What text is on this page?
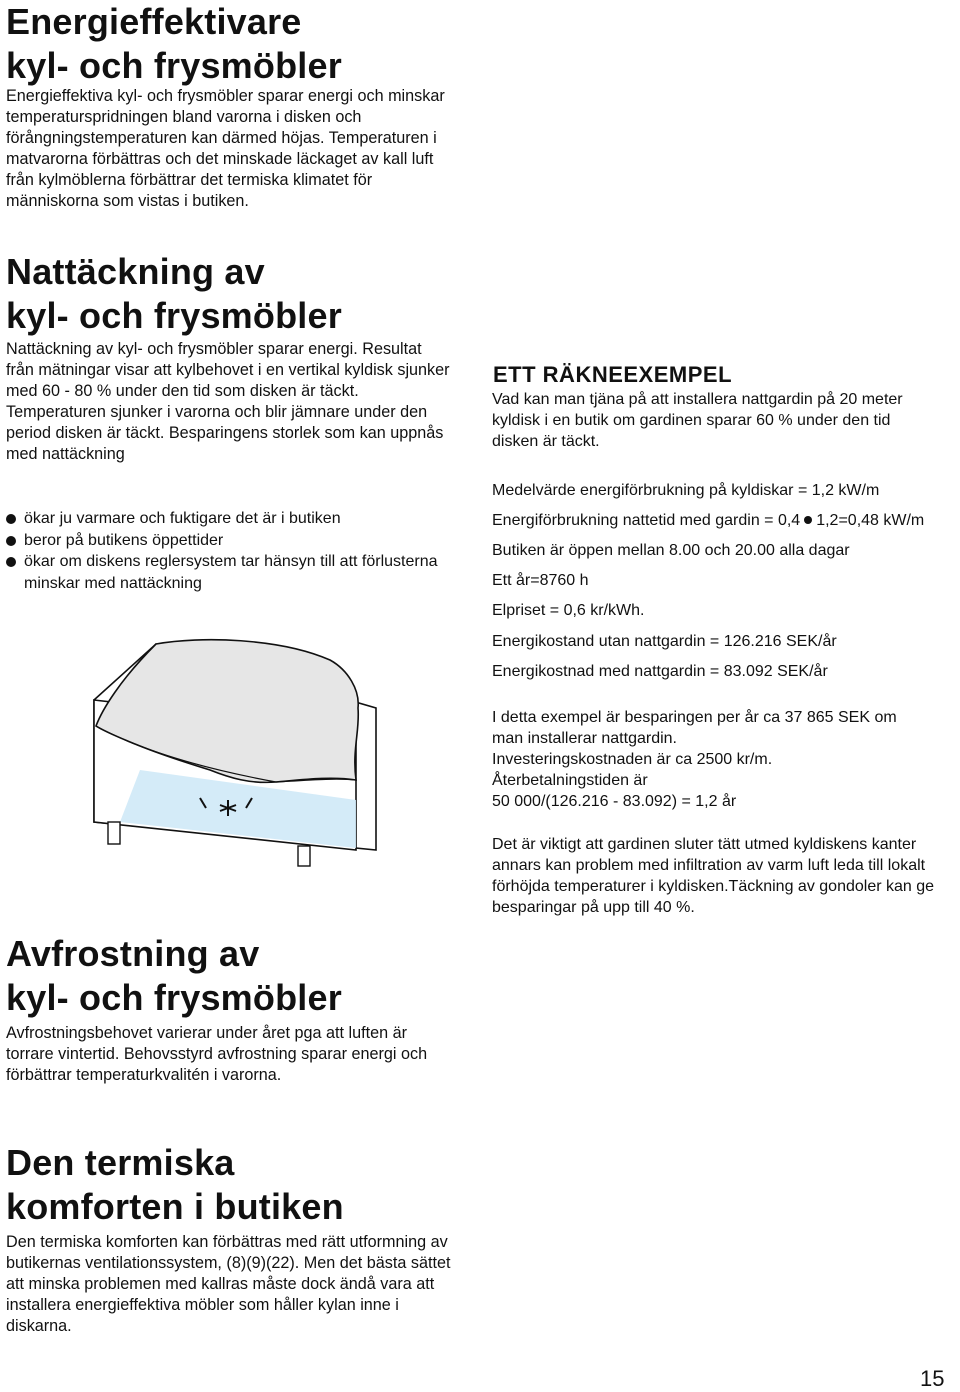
Energieffektivare
kyl- och frysmöbler

Energieffektiva kyl- och frysmöbler sparar energi och minskar temperaturspridningen bland varorna i disken och förångningstemperaturen kan därmed höjas. Temperaturen i matvarorna förbättras och det minskade läckaget av kall luft från kylmöblerna förbättrar det termiska klimatet för människorna som vistas i butiken.

Nattäckning av
kyl- och frysmöbler

Nattäckning av kyl- och frysmöbler sparar energi. Resultat från mätningar visar att kylbehovet i en vertikal kyldisk sjunker med 60 - 80 % under den tid som disken är täckt. Temperaturen sjunker i varorna och blir jämnare under den period disken är täckt. Besparingens storlek som kan uppnås med nattäckning

ökar ju varmare och fuktigare det är i butiken
beror på butikens öppettider
ökar om diskens reglersystem tar hänsyn till att förlusterna minskar med nattäckning
ETT RÄKNEEXEMPEL

Vad kan man tjäna på att installera nattgardin på 20 meter kyldisk i en butik om gardinen sparar 60 % under den tid disken är täckt.

Medelvärde energiförbrukning på kyldiskar = 1,2 kW/m

Energiförbrukning nattetid med gardin = 0,4 1,2=0,48 kW/m

Butiken är öppen mellan 8.00 och 20.00 alla dagar

Ett år=8760 h

Elpriset = 0,6 kr/kWh.

Energikostand utan nattgardin = 126.216 SEK/år

Energikostnad med nattgardin = 83.092 SEK/år

I detta exempel är besparingen per år ca 37 865 SEK om man installerar nattgardin.

Investeringskostnaden är ca 2500 kr/m.

Återbetalningstiden är

50 000/(126.216 - 83.092) = 1,2 år

Det är viktigt att gardinen sluter tätt utmed kyldiskens kanter annars kan problem med infiltration av varm luft leda till lokalt förhöjda temperaturer i kyldisken.Täckning av gondoler kan ge besparingar på upp till 40 %.

Avfrostning av
kyl- och frysmöbler

Avfrostningsbehovet varierar under året pga att luften är torrare vintertid. Behovsstyrd avfrostning sparar energi och förbättrar temperaturkvalitén i varorna.

Den termiska
komforten i butiken

Den termiska komforten kan förbättras med rätt utformning av butikernas ventilationssystem, (8)(9)(22). Men det bästa sättet att minska problemen med kallras måste dock ändå vara att installera energieffektiva möbler som håller kylan inne i diskarna.

15
